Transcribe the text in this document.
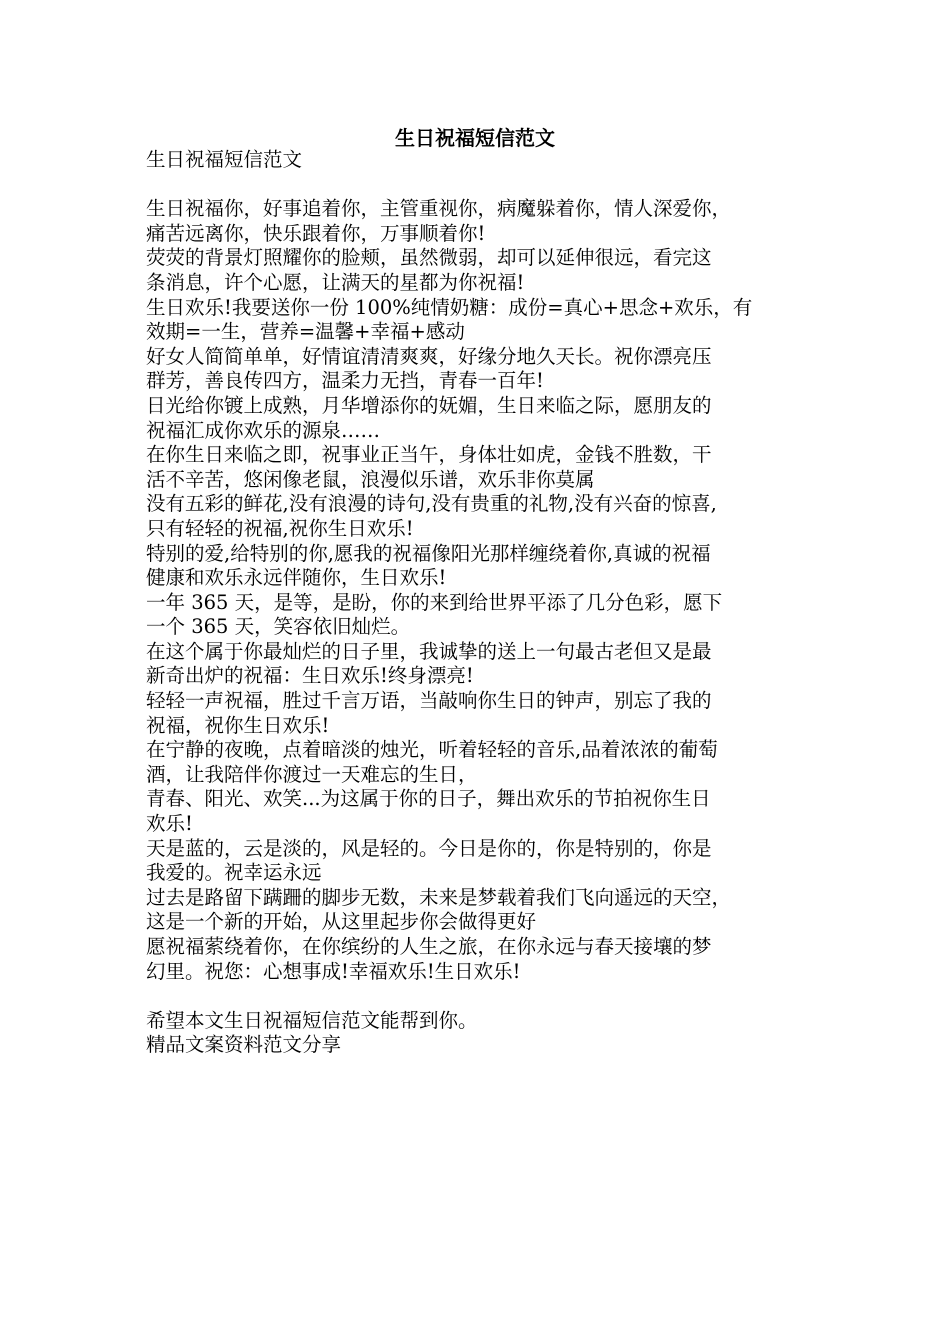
生日祝福短信范文
生日祝福短信范文
生日祝福你，好事追着你，主管重视你，病魔躲着你，情人深爱你，
痛苦远离你，快乐跟着你，万事顺着你!
荧荧的背景灯照耀你的脸颊，虽然微弱，却可以延伸很远，看完这
条消息，许个心愿，让满天的星都为你祝福!
生日欢乐!我要送你一份 100%纯情奶糖：成份=真心+思念+欢乐，有
效期=一生，营养=温馨+幸福+感动
好女人简简单单，好情谊清清爽爽，好缘分地久天长。祝你漂亮压
群芳，善良传四方，温柔力无挡，青春一百年!
日光给你镀上成熟，月华增添你的妩媚，生日来临之际，愿朋友的
祝福汇成你欢乐的源泉……
在你生日来临之即，祝事业正当午，身体壮如虎，金钱不胜数，干
活不辛苦，悠闲像老鼠，浪漫似乐谱，欢乐非你莫属
没有五彩的鲜花,没有浪漫的诗句,没有贵重的礼物,没有兴奋的惊喜,
只有轻轻的祝福,祝你生日欢乐!
特别的爱,给特别的你,愿我的祝福像阳光那样缠绕着你,真诚的祝福
健康和欢乐永远伴随你，生日欢乐!
一年 365 天，是等，是盼，你的来到给世界平添了几分色彩，愿下
一个 365 天，笑容依旧灿烂。
在这个属于你最灿烂的日子里，我诚挚的送上一句最古老但又是最
新奇出炉的祝福：生日欢乐!终身漂亮!
轻轻一声祝福，胜过千言万语，当敲响你生日的钟声，别忘了我的
祝福，祝你生日欢乐!
在宁静的夜晚，点着暗淡的烛光，听着轻轻的音乐,品着浓浓的葡萄
酒，让我陪伴你渡过一天难忘的生日，
青春、阳光、欢笑...为这属于你的日子，舞出欢乐的节拍祝你生日
欢乐!
天是蓝的，云是淡的，风是轻的。今日是你的，你是特别的，你是
我爱的。祝幸运永远
过去是路留下蹒跚的脚步无数，未来是梦载着我们飞向遥远的天空，
这是一个新的开始，从这里起步你会做得更好
愿祝福萦绕着你，在你缤纷的人生之旅，在你永远与春天接壤的梦
幻里。祝您：心想事成!幸福欢乐!生日欢乐!
希望本文生日祝福短信范文能帮到你。
精品文案资料范文分享
